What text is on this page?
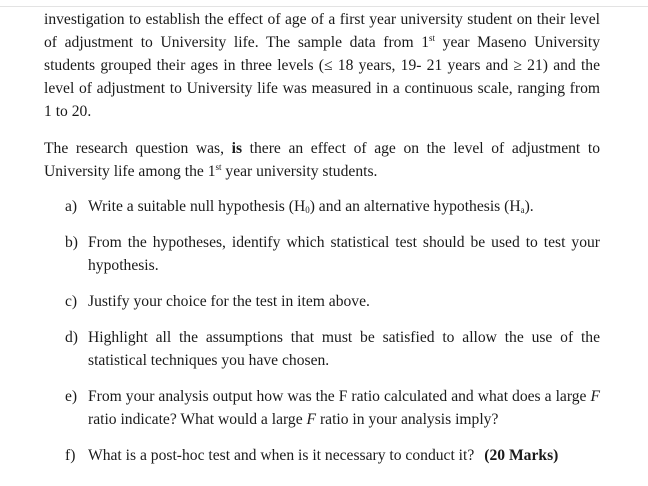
investigation to establish the effect of age of a first year university student on their level of adjustment to University life. The sample data from 1st year Maseno University students grouped their ages in three levels (≤ 18 years, 19- 21 years and ≥ 21) and the level of adjustment to University life was measured in a continuous scale, ranging from 1 to 20.

The research question was, is there an effect of age on the level of adjustment to University life among the 1st year university students.

a) Write a suitable null hypothesis $(H_0)$ and an alternative hypothesis $(H_a)$.
b) From the hypotheses, identify which statistical test should be used to test your hypothesis.
c) Justify your choice for the test in item above.
d) Highlight all the assumptions that must be satisfied to allow the use of the statistical techniques you have chosen.
e) From your analysis output how was the F ratio calculated and what does a large F ratio indicate? What would a large F ratio in your analysis imply?
f) What is a post-hoc test and when is it necessary to conduct it? (20 Marks)
